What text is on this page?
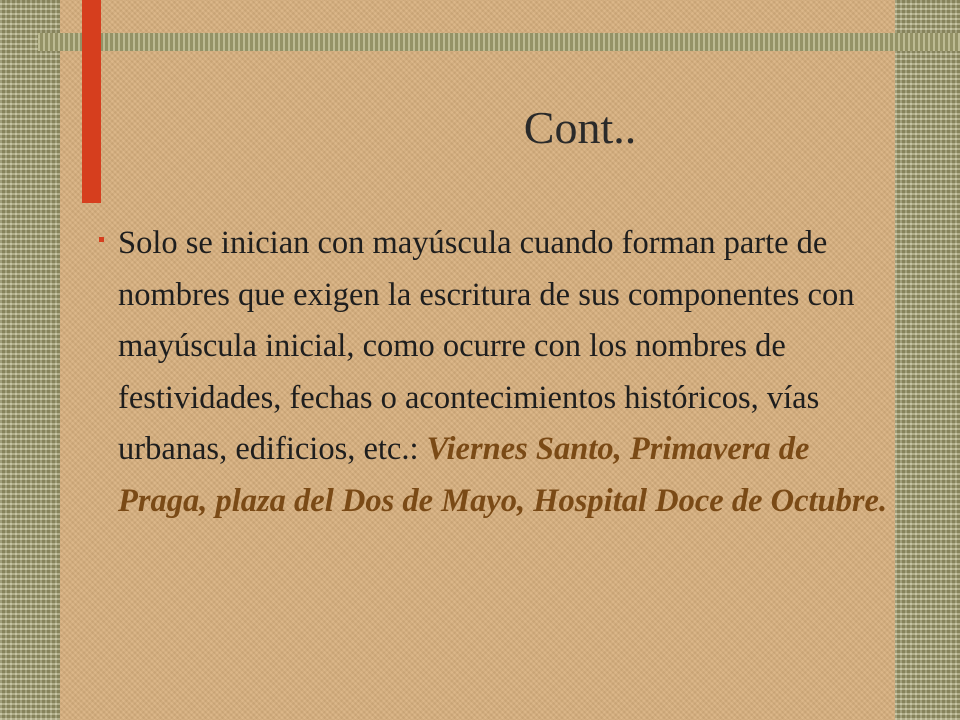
Cont..

Solo se inician con mayúscula cuando forman parte de nombres que exigen la escritura de sus componentes con mayúscula inicial, como ocurre con los nombres de festividades, fechas o acontecimientos históricos, vías urbanas, edificios, etc.: Viernes Santo, Primavera de Praga, plaza del Dos de Mayo, Hospital Doce de Octubre.
